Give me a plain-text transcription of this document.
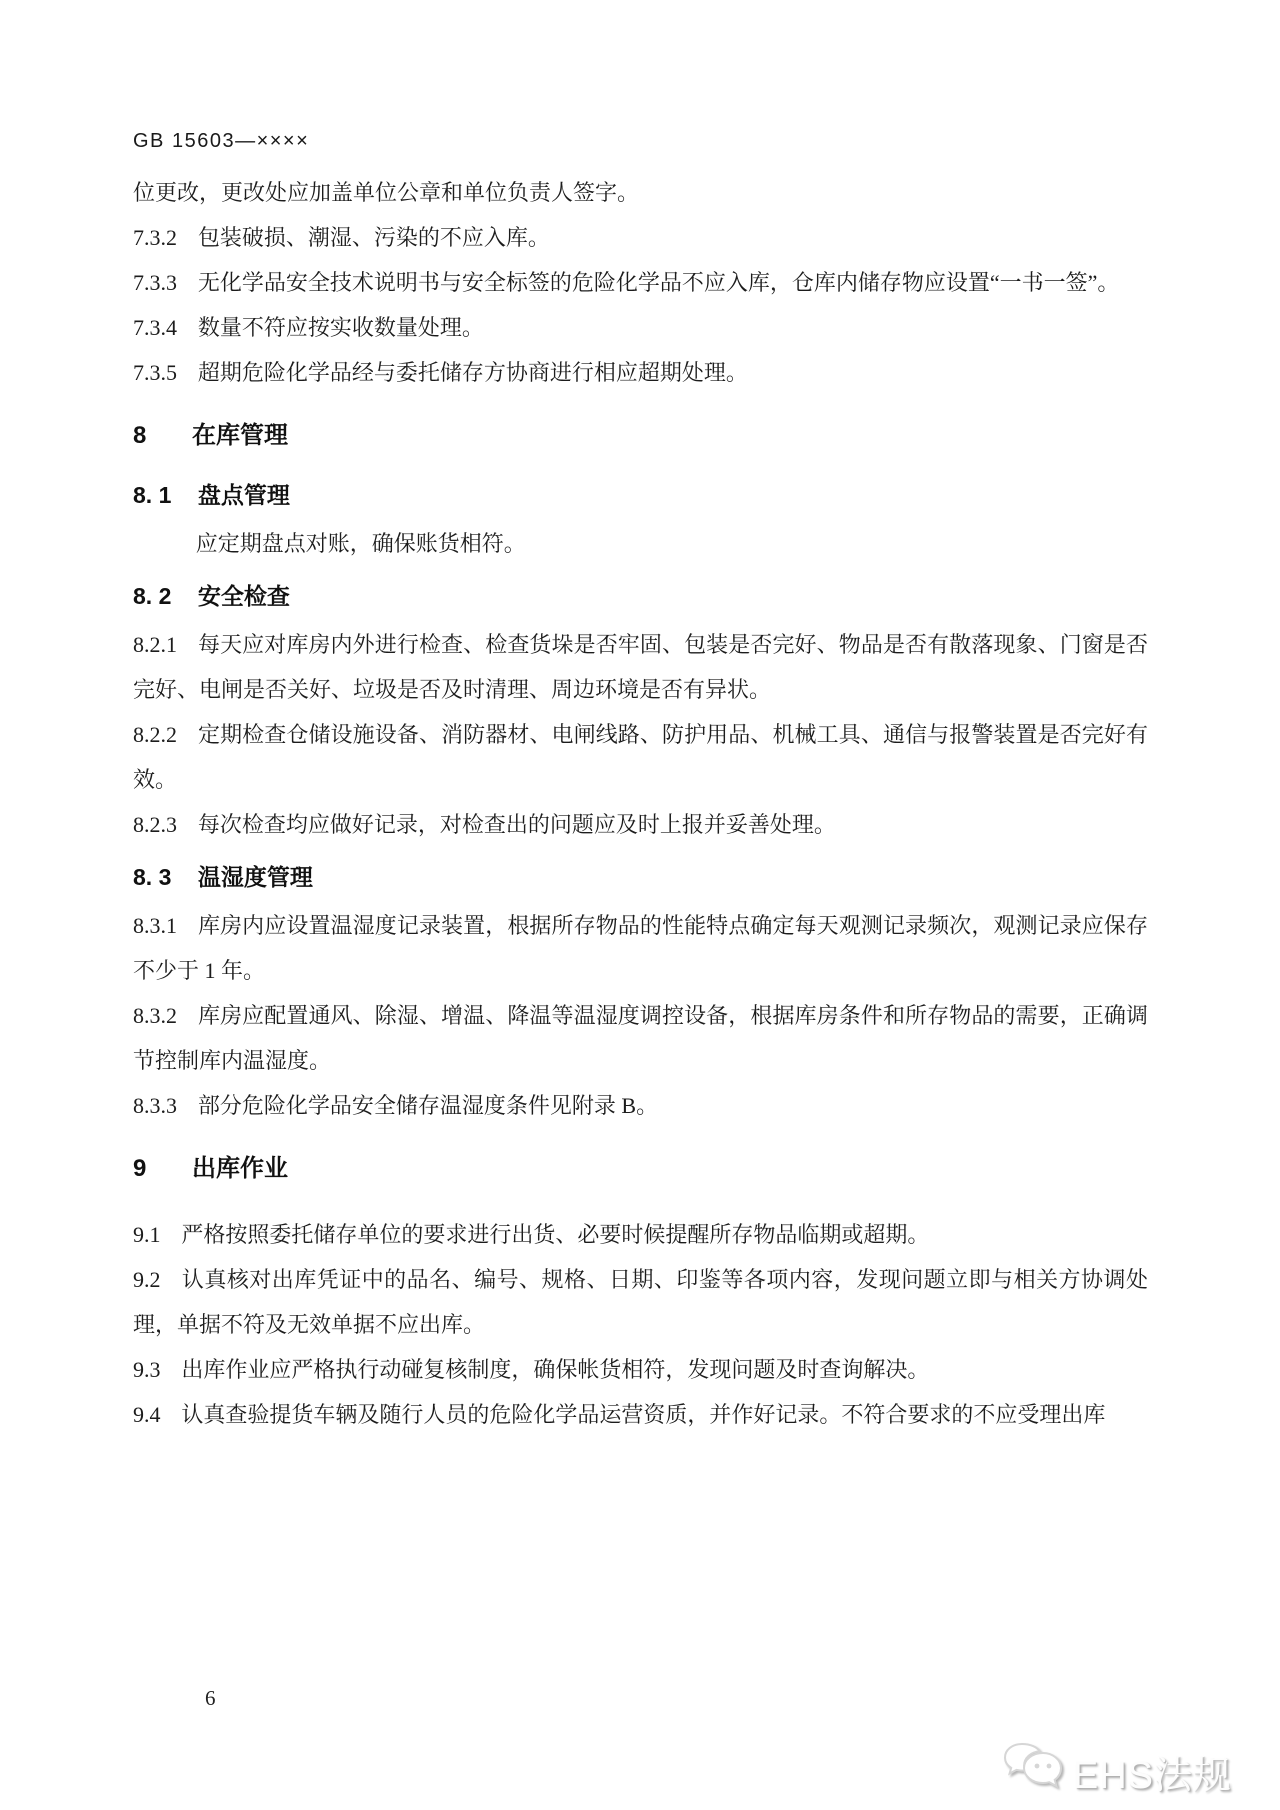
GB 15603—××××

位更改，更改处应加盖单位公章和单位负责人签字。

7.3.2 包装破损、潮湿、污染的不应入库。

7.3.3 无化学品安全技术说明书与安全标签的危险化学品不应入库，仓库内储存物应设置“一书一签”。

7.3.4 数量不符应按实收数量处理。

7.3.5 超期危险化学品经与委托储存方协商进行相应超期处理。

8 在库管理
8. 1 盘点管理

应定期盘点对账，确保账货相符。

8. 2 安全检查

8.2.1 每天应对库房内外进行检查、检查货垛是否牢固、包装是否完好、物品是否有散落现象、门窗是否完好、电闸是否关好、垃圾是否及时清理、周边环境是否有异状。

8.2.2 定期检查仓储设施设备、消防器材、电闸线路、防护用品、机械工具、通信与报警装置是否完好有效。

8.2.3 每次检查均应做好记录，对检查出的问题应及时上报并妥善处理。

8. 3 温湿度管理

8.3.1 库房内应设置温湿度记录装置，根据所存物品的性能特点确定每天观测记录频次，观测记录应保存不少于 1 年。

8.3.2 库房应配置通风、除湿、增温、降温等温湿度调控设备，根据库房条件和所存物品的需要，正确调节控制库内温湿度。

8.3.3 部分危险化学品安全储存温湿度条件见附录 B。

9 出库作业

9.1 严格按照委托储存单位的要求进行出货、必要时候提醒所存物品临期或超期。

9.2 认真核对出库凭证中的品名、编号、规格、日期、印鉴等各项内容，发现问题立即与相关方协调处理，单据不符及无效单据不应出库。

9.3 出库作业应严格执行动碰复核制度，确保帐货相符，发现问题及时查询解决。

9.4 认真查验提货车辆及随行人员的危险化学品运营资质，并作好记录。不符合要求的不应受理出库

6
EHS法规
